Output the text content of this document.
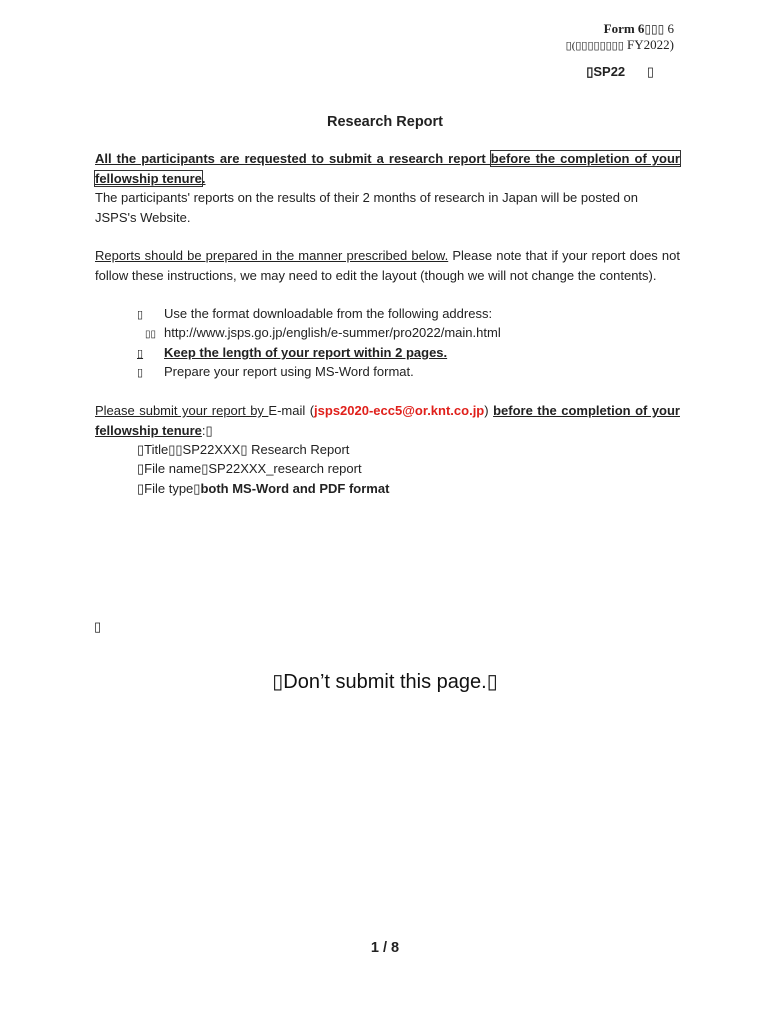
Form 6▯▯▯ 6
▯(▯▯▯▯▯▯▯▯ FY2022)
▯SP22 ▯
Research Report
All the participants are requested to submit a research report before the completion of your fellowship tenure.
The participants' reports on the results of their 2 months of research in Japan will be posted on JSPS's Website.
Reports should be prepared in the manner prescribed below. Please note that if your report does not follow these instructions, we may need to edit the layout (though we will not change the contents).
▯ Use the format downloadable from the following address:
▯▯ http://www.jsps.go.jp/english/e-summer/pro2022/main.html
▯ Keep the length of your report within 2 pages.
▯ Prepare your report using MS-Word format.
Please submit your report by E-mail (jsps2020-ecc5@or.knt.co.jp) before the completion of your fellowship tenure:▯
▯Title▯▯SP22XXX▯ Research Report
▯File name▯SP22XXX_research report
▯File type▯both MS-Word and PDF format
▯
▯Don’t submit this page.▯
1 / 8
